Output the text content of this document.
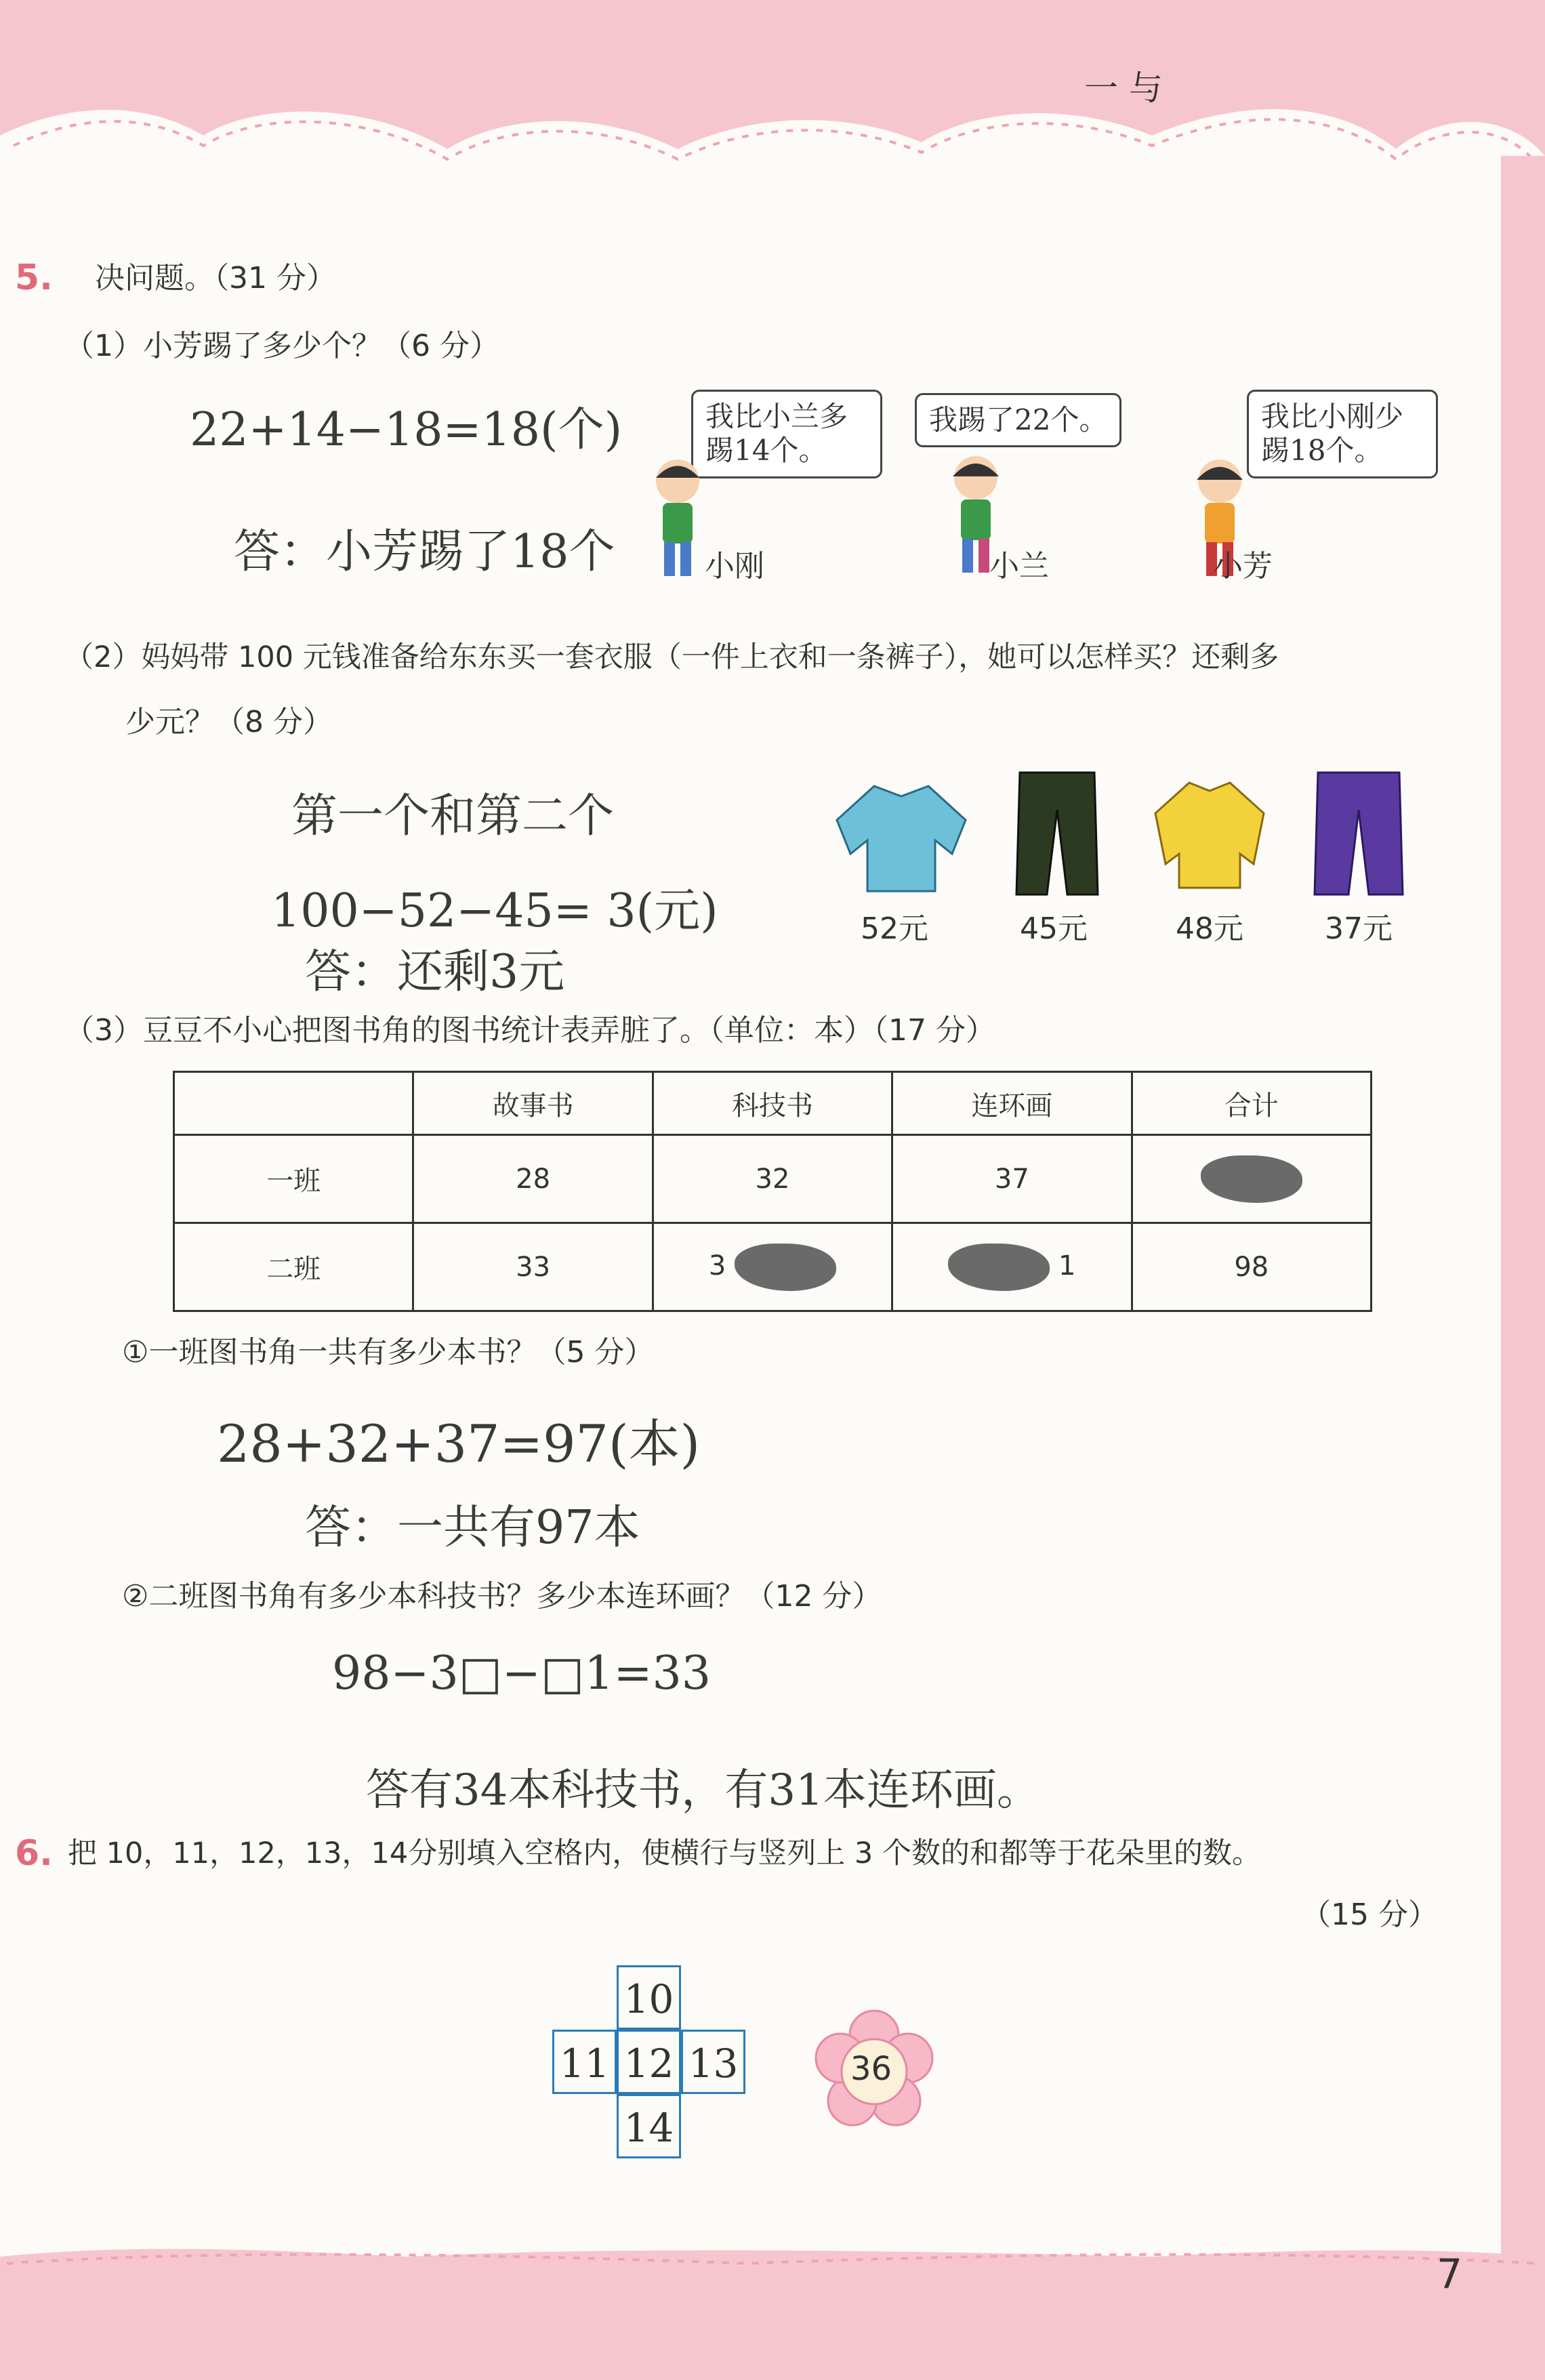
一 与
7
5. 决问题。（31 分）
（1）小芳踢了多少个？（6 分）
22+14−18=18(个)
答：小芳踢了18个
我比小兰多踢14个。
我踢了22个。	我比小刚少踢18个。
小刚	小兰	小芳
（2）妈妈带 100 元钱准备给东东买一套衣服（一件上衣和一条裤子），她可以怎样买？还剩多
少元？（8 分）
第一个和第二个
100−52−45= 3(元)
答：还剩3元
52元	45元	48元	37元
（3）豆豆不小心把图书角的图书统计表弄脏了。（单位：本）（17 分）
	故事书	科技书	连环画	合计
一班	28	32	37	
二班	33	3	1	98
①一班图书角一共有多少本书？（5 分）
28+32+37=97(本)
答：一共有97本
②二班图书角有多少本科技书？多少本连环画？（12 分）
98−3□−□1=33
答有34本科技书，有31本连环画。
6. 把 10，11，12，13，14分别填入空格内，使横行与竖列上 3 个数的和都等于花朵里的数。
（15 分）
10
11 12 13
14
36
